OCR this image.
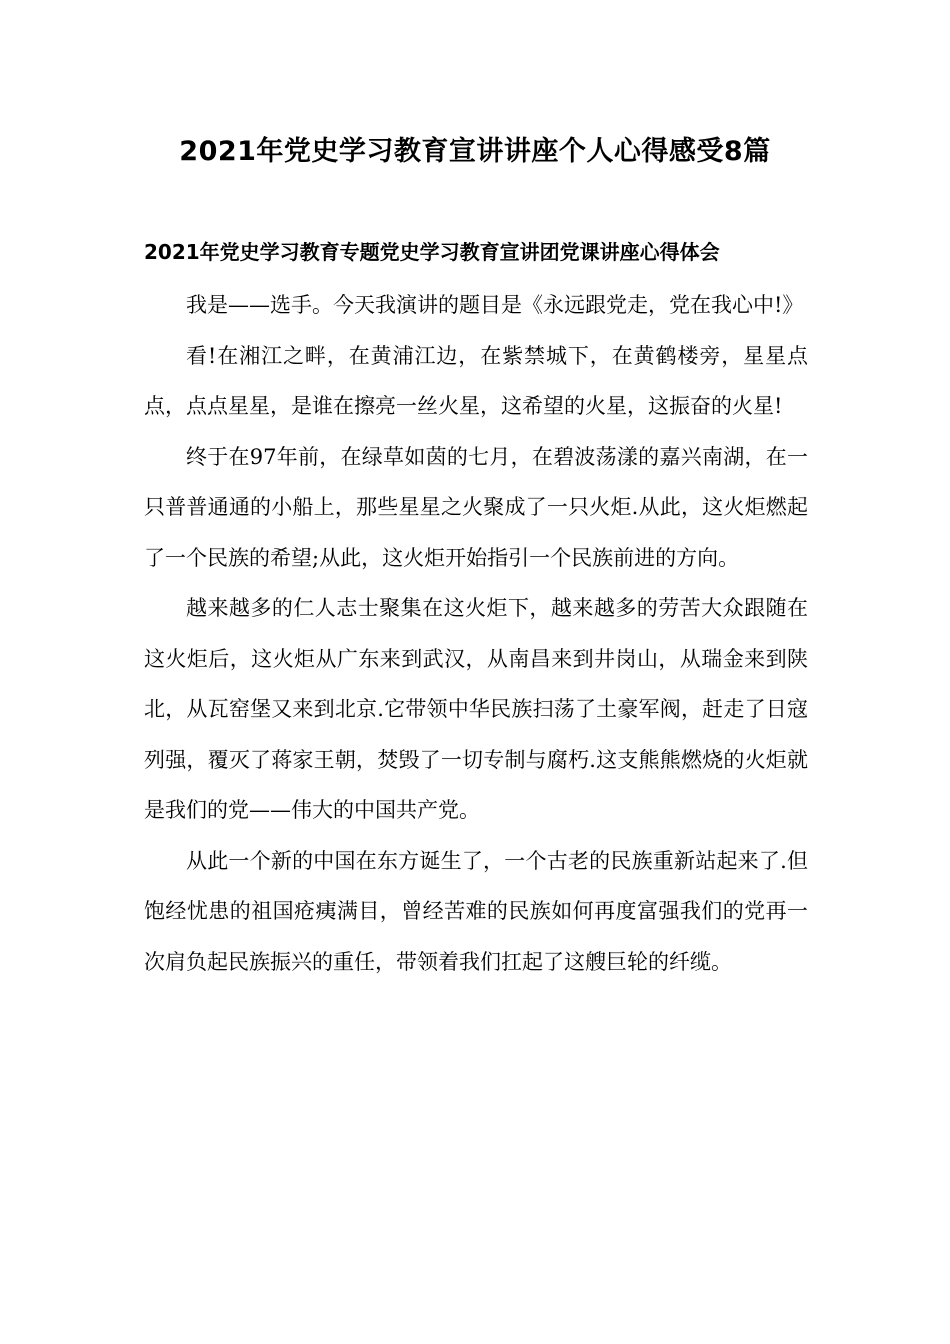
2021年党史学习教育宣讲讲座个人心得感受8篇
2021年党史学习教育专题党史学习教育宣讲团党课讲座心得体会

我是——选手。今天我演讲的题目是《永远跟党走，党在我心中!》

看!在湘江之畔，在黄浦江边，在紫禁城下，在黄鹤楼旁，星星点点，点点星星，是谁在擦亮一丝火星，这希望的火星，这振奋的火星!

终于在97年前，在绿草如茵的七月，在碧波荡漾的嘉兴南湖，在一只普普通通的小船上，那些星星之火聚成了一只火炬.从此，这火炬燃起了一个民族的希望;从此，这火炬开始指引一个民族前进的方向。

越来越多的仁人志士聚集在这火炬下，越来越多的劳苦大众跟随在这火炬后，这火炬从广东来到武汉，从南昌来到井岗山，从瑞金来到陕北，从瓦窑堡又来到北京.它带领中华民族扫荡了土豪军阀，赶走了日寇列强，覆灭了蒋家王朝，焚毁了一切专制与腐朽.这支熊熊燃烧的火炬就是我们的党——伟大的中国共产党。

从此一个新的中国在东方诞生了，一个古老的民族重新站起来了.但饱经忧患的祖国疮痍满目，曾经苦难的民族如何再度富强我们的党再一次肩负起民族振兴的重任，带领着我们扛起了这艘巨轮的纤缆。
